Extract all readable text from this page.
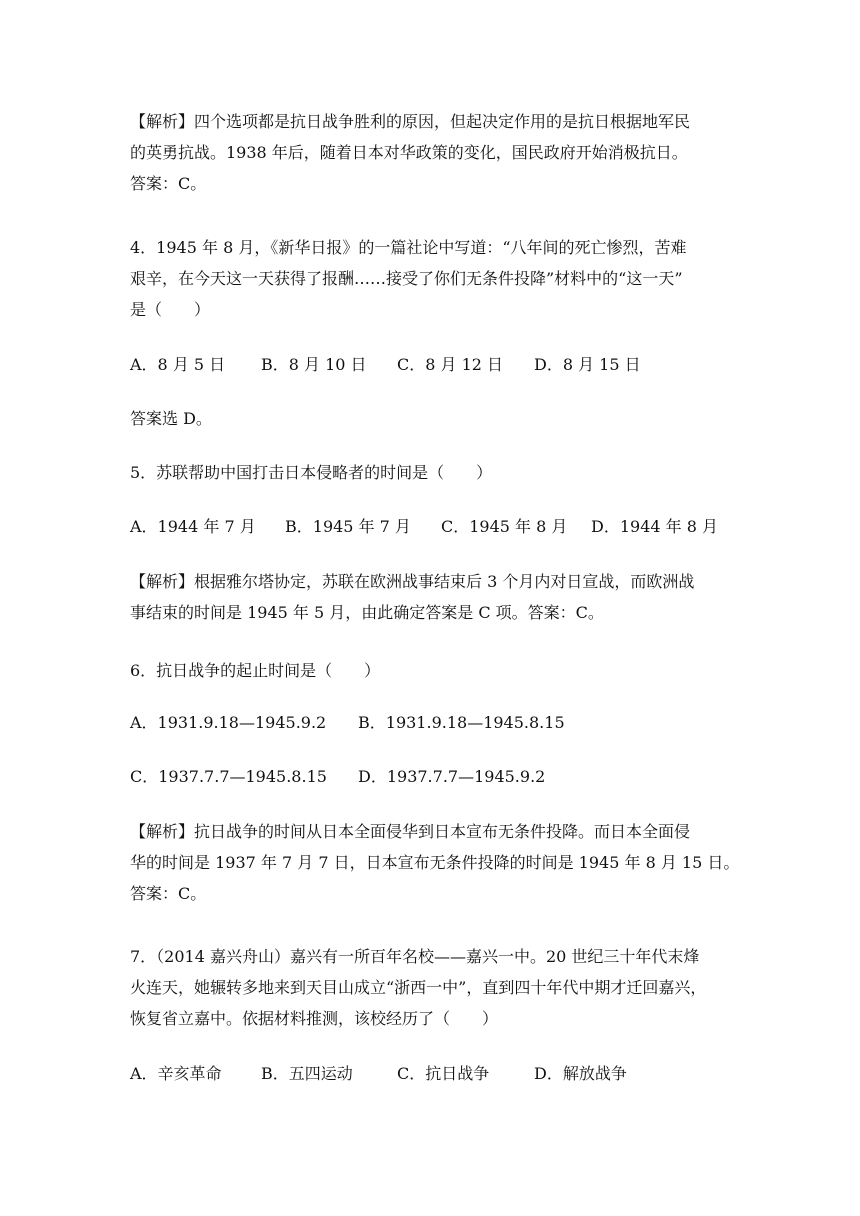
【解析】四个选项都是抗日战争胜利的原因，但起决定作用的是抗日根据地军民
的英勇抗战。1938 年后，随着日本对华政策的变化，国民政府开始消极抗日。
答案：C。
4．1945 年 8 月，《新华日报》的一篇社论中写道：“八年间的死亡惨烈，苦难
艰辛，在今天这一天获得了报酬……接受了你们无条件投降”材料中的“这一天”
是（　　）
A．8 月 5 日 B．8 月 10 日 C．8 月 12 日 D．8 月 15 日
答案选 D。
5．苏联帮助中国打击日本侵略者的时间是（　　）
A．1944 年 7 月 B．1945 年 7 月 C．1945 年 8 月 D．1944 年 8 月
【解析】根据雅尔塔协定，苏联在欧洲战事结束后 3 个月内对日宣战，而欧洲战
事结束的时间是 1945 年 5 月，由此确定答案是 C 项。答案：C。
6．抗日战争的起止时间是（　　）
A．1931.9.18—1945.9.2 B．1931.9.18—1945.8.15
C．1937.7.7—1945.8.15 D．1937.7.7—1945.9.2
【解析】抗日战争的时间从日本全面侵华到日本宣布无条件投降。而日本全面侵
华的时间是 1937 年 7 月 7 日，日本宣布无条件投降的时间是 1945 年 8 月 15 日。
答案：C。
7．（2014 嘉兴舟山）嘉兴有一所百年名校——嘉兴一中。20 世纪三十年代末烽
火连天，她辗转多地来到天目山成立“浙西一中”，直到四十年代中期才迁回嘉兴，
恢复省立嘉中。依据材料推测，该校经历了（　　）
A．辛亥革命 B．五四运动	C．抗日战争	D．解放战争
